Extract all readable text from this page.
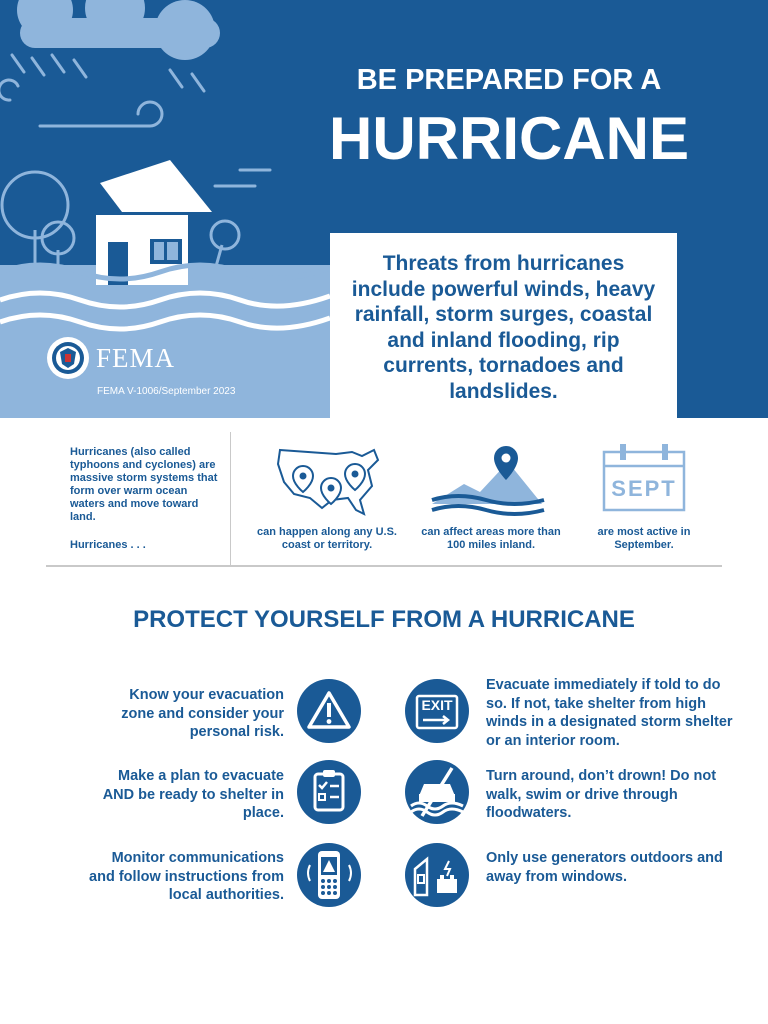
BE PREPARED FOR A
HURRICANE
Threats from hurricanes include powerful winds, heavy rainfall, storm surges, coastal and inland flooding, rip currents, tornadoes and landslides.
FEMA
FEMA V-1006/September 2023
Hurricanes (also called typhoons and cyclones) are massive storm systems that form over warm ocean waters and move toward land.
Hurricanes . . .
can happen along any U.S. coast or territory.
can affect areas more than 100 miles inland.
SEPT
are most active in September.
PROTECT YOURSELF FROM A HURRICANE
Know your evacuation zone and consider your personal risk.
Make a plan to evacuate AND be ready to shelter in place.
Monitor communications and follow instructions from local authorities.
EXIT
Evacuate immediately if told to do so. If not, take shelter from high winds in a designated storm shelter or an interior room.
Turn around, don’t drown! Do not walk, swim or drive through floodwaters.
Only use generators outdoors and away from windows.
